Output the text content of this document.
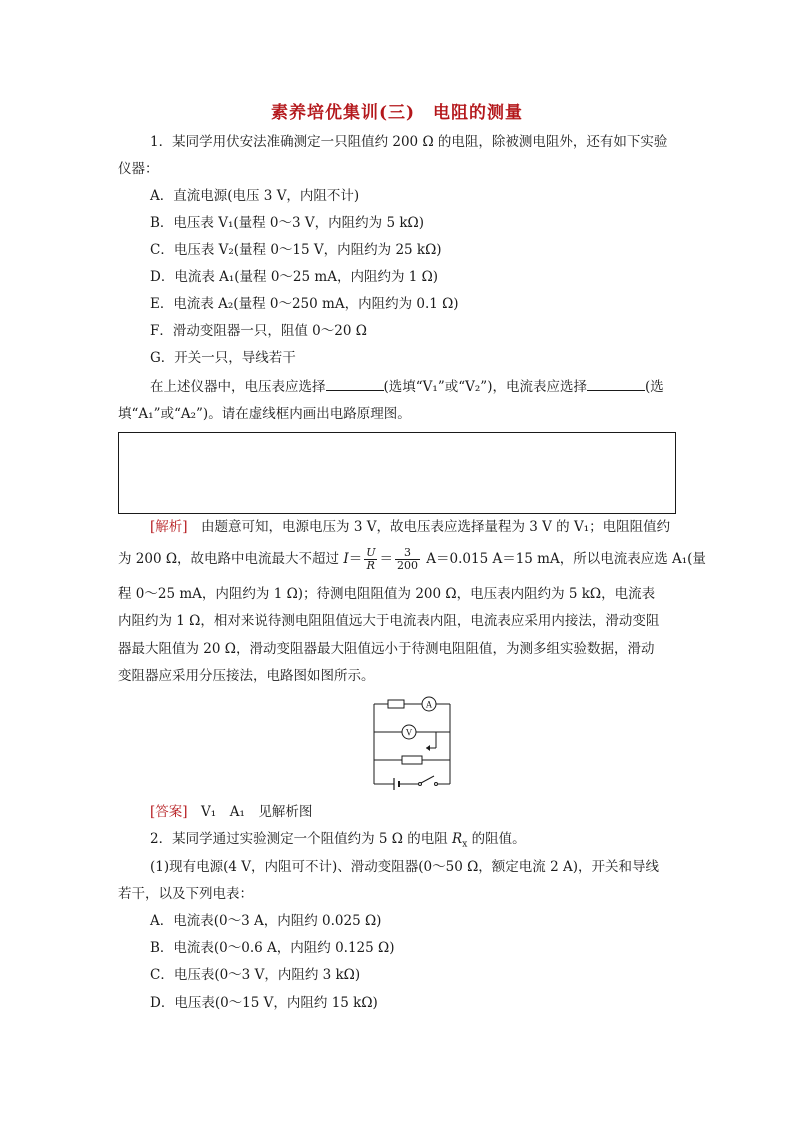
素养培优集训(三)　电阻的测量
1．某同学用伏安法准确测定一只阻值约 200 Ω 的电阻，除被测电阻外，还有如下实验
仪器：
A．直流电源(电压 3 V，内阻不计)
B．电压表 V₁(量程 0～3 V，内阻约为 5 kΩ)
C．电压表 V₂(量程 0～15 V，内阻约为 25 kΩ)
D．电流表 A₁(量程 0～25 mA，内阻约为 1 Ω)
E．电流表 A₂(量程 0～250 mA，内阻约为 0.1 Ω)
F．滑动变阻器一只，阻值 0～20 Ω
G．开关一只，导线若干
在上述仪器中，电压表应选择	(选填“V₁”或“V₂”)，电流表应选择	(选
填“A₁”或“A₂”)。请在虚线框内画出电路原理图。
[解析]　由题意可知，电源电压为 3 V，故电压表应选择量程为 3 V 的 V₁；电阻阻值约
为 200 Ω，故电路中电流最大不超过 $I= \frac{U}{R} = \frac{3}{200} A=0.015$ A＝15 mA，所以电流表应选 A₁(量
程 0～25 mA，内阻约为 1 Ω)；待测电阻阻值为 200 Ω，电压表内阻约为 5 kΩ，电流表
内阻约为 1 Ω，相对来说待测电阻阻值远大于电流表内阻，电流表应采用内接法，滑动变阻
器最大阻值为 20 Ω，滑动变阻器最大阻值远小于待测电阻阻值，为测多组实验数据，滑动
变阻器应采用分压接法，电路图如图所示。
A
V
[答案]　V₁　A₁　见解析图
2．某同学通过实验测定一个阻值约为 5 Ω 的电阻 $R_x$ 的阻值。
(1)现有电源(4 V，内阻可不计)、滑动变阻器(0～50 Ω，额定电流 2 A)，开关和导线
若干，以及下列电表：
A．电流表(0～3 A，内阻约 0.025 Ω)
B．电流表(0～0.6 A，内阻约 0.125 Ω)
C．电压表(0～3 V，内阻约 3 kΩ)
D．电压表(0～15 V，内阻约 15 kΩ)
